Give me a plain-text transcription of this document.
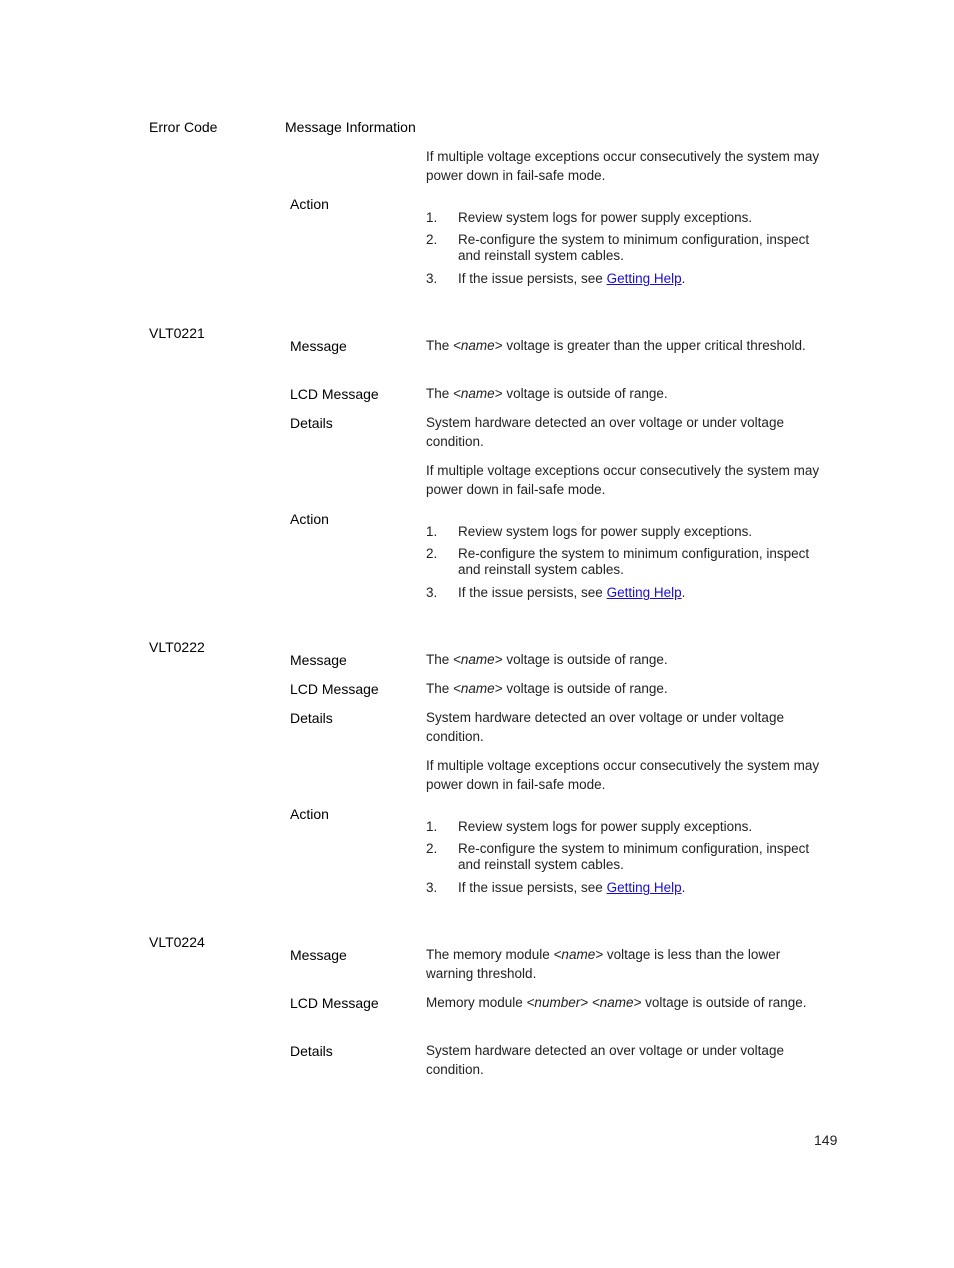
Error Code	Message Information
If multiple voltage exceptions occur consecutively the system may power down in fail-safe mode.
Action
1.	Review system logs for power supply exceptions.
2.	Re-configure the system to minimum configuration, inspect and reinstall system cables.
3.	If the issue persists, see Getting Help.
VLT0221
Message	The <name> voltage is greater than the upper critical threshold.
LCD Message	The <name> voltage is outside of range.
Details	System hardware detected an over voltage or under voltage condition.
If multiple voltage exceptions occur consecutively the system may power down in fail-safe mode.
Action
1.	Review system logs for power supply exceptions.
2.	Re-configure the system to minimum configuration, inspect and reinstall system cables.
3.	If the issue persists, see Getting Help.
VLT0222
Message	The <name> voltage is outside of range.
LCD Message	The <name> voltage is outside of range.
Details	System hardware detected an over voltage or under voltage condition.
If multiple voltage exceptions occur consecutively the system may power down in fail-safe mode.
Action
1.	Review system logs for power supply exceptions.
2.	Re-configure the system to minimum configuration, inspect and reinstall system cables.
3.	If the issue persists, see Getting Help.
VLT0224
Message	The memory module <name> voltage is less than the lower warning threshold.
LCD Message	Memory module <number> <name> voltage is outside of range.
Details	System hardware detected an over voltage or under voltage condition.
149
